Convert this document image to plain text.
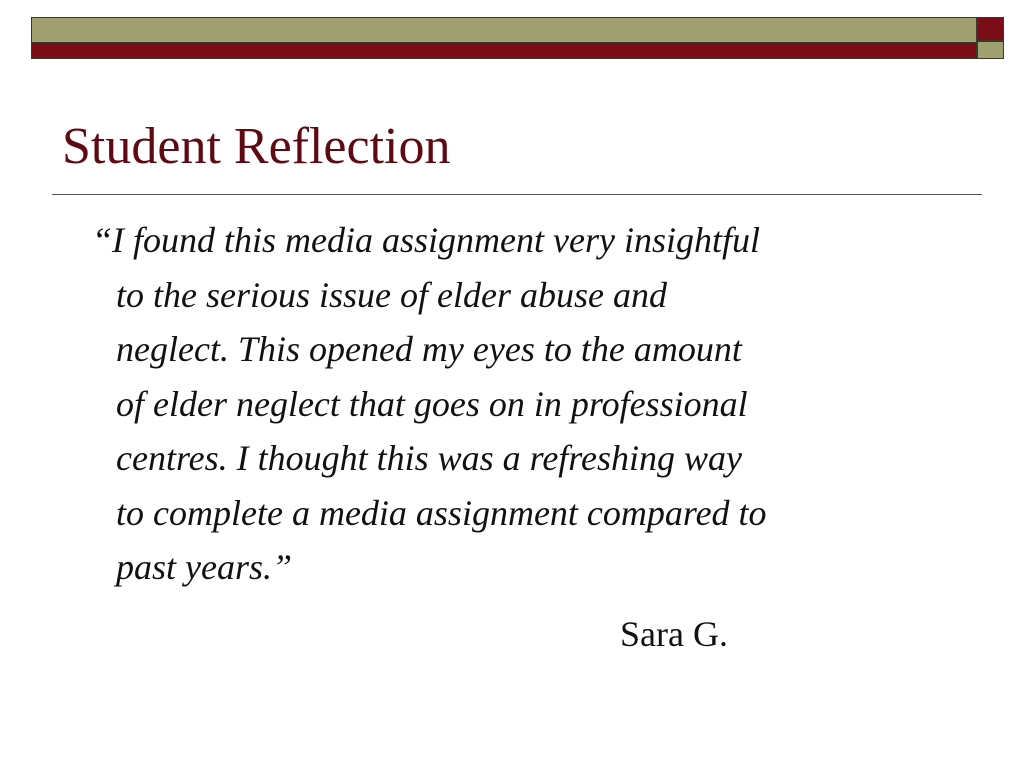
Student Reflection

“I found this media assignment very insightful
to the serious issue of elder abuse and
neglect. This opened my eyes to the amount
of elder neglect that goes on in professional
centres. I thought this was a refreshing way
to complete a media assignment compared to
past years.”

Sara G.
